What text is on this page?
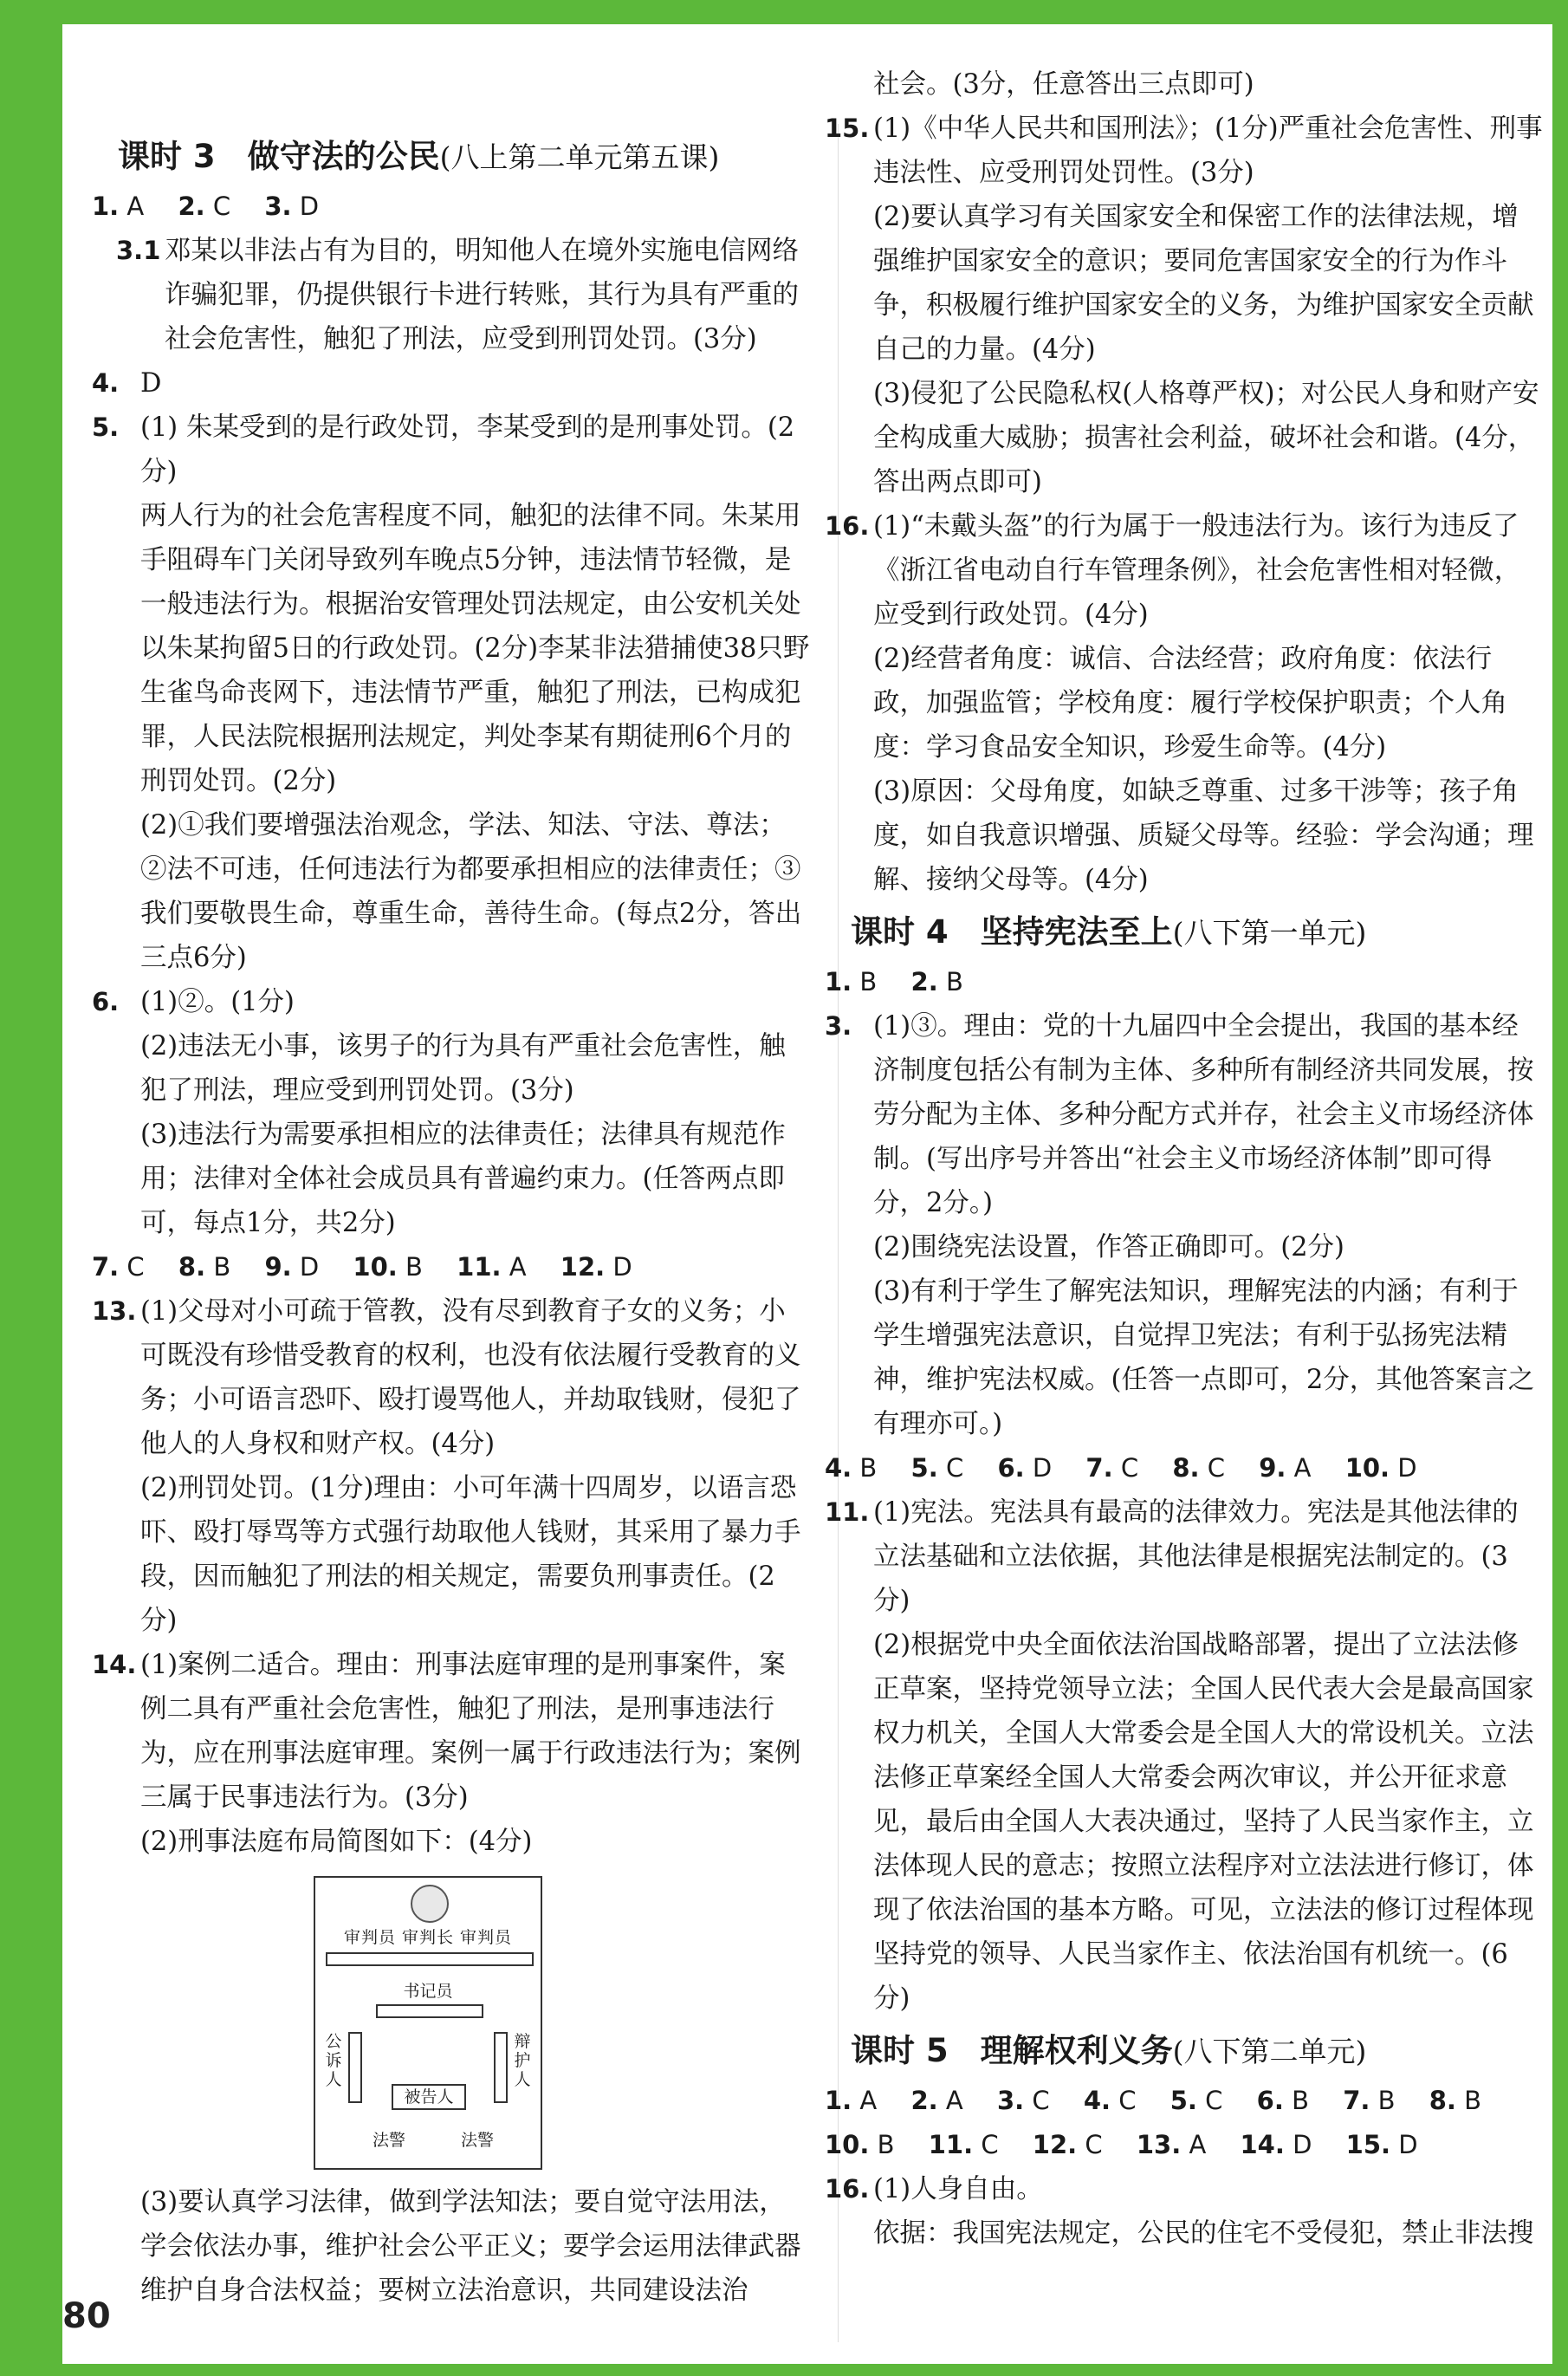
课时 3　做守法的公民(八上第二单元第五课)
1. A 2. C 3. D
3.1 邓某以非法占有为目的，明知他人在境外实施电信网络诈骗犯罪，仍提供银行卡进行转账，其行为具有严重的社会危害性，触犯了刑法，应受到刑罚处罚。(3分)

4. D

5. (1) 朱某受到的是行政处罚，李某受到的是刑事处罚。(2分)

两人行为的社会危害程度不同，触犯的法律不同。朱某用手阻碍车门关闭导致列车晚点5分钟，违法情节轻微，是一般违法行为。根据治安管理处罚法规定，由公安机关处以朱某拘留5日的行政处罚。(2分)李某非法猎捕使38只野生雀鸟命丧网下，违法情节严重，触犯了刑法，已构成犯罪，人民法院根据刑法规定，判处李某有期徒刑6个月的刑罚处罚。(2分)

(2)①我们要增强法治观念，学法、知法、守法、尊法；②法不可违，任何违法行为都要承担相应的法律责任；③我们要敬畏生命，尊重生命，善待生命。(每点2分，答出三点6分)

6. (1)②。(1分)

(2)违法无小事，该男子的行为具有严重社会危害性，触犯了刑法，理应受到刑罚处罚。(3分)

(3)违法行为需要承担相应的法律责任；法律具有规范作用；法律对全体社会成员具有普遍约束力。(任答两点即可，每点1分，共2分)

7. C 8. B 9. D 10. B 11. A 12. D
13. (1)父母对小可疏于管教，没有尽到教育子女的义务；小可既没有珍惜受教育的权利，也没有依法履行受教育的义务；小可语言恐吓、殴打谩骂他人，并劫取钱财，侵犯了他人的人身权和财产权。(4分)

(2)刑罚处罚。(1分)理由：小可年满十四周岁，以语言恐吓、殴打辱骂等方式强行劫取他人钱财，其采用了暴力手段，因而触犯了刑法的相关规定，需要负刑事责任。(2分)

14. (1)案例二适合。理由：刑事法庭审理的是刑事案件，案例二具有严重社会危害性，触犯了刑法，是刑事违法行为，应在刑事法庭审理。案例一属于行政违法行为；案例三属于民事违法行为。(3分)

(2)刑事法庭布局简图如下：(4分)

审判员 审判长 审判员
书记员
公诉人
辩护人
被告人
法警	法警

(3)要认真学习法律，做到学法知法；要自觉守法用法，学会依法办事，维护社会公平正义；要学会运用法律武器维护自身合法权益；要树立法治意识，共同建设法治

社会。(3分，任意答出三点即可)

15. (1)《中华人民共和国刑法》；(1分)严重社会危害性、刑事违法性、应受刑罚处罚性。(3分)

(2)要认真学习有关国家安全和保密工作的法律法规，增强维护国家安全的意识；要同危害国家安全的行为作斗争，积极履行维护国家安全的义务，为维护国家安全贡献自己的力量。(4分)

(3)侵犯了公民隐私权(人格尊严权)；对公民人身和财产安全构成重大威胁；损害社会利益，破坏社会和谐。(4分，答出两点即可)

16. (1)“未戴头盔”的行为属于一般违法行为。该行为违反了《浙江省电动自行车管理条例》，社会危害性相对轻微，应受到行政处罚。(4分)

(2)经营者角度：诚信、合法经营；政府角度：依法行政，加强监管；学校角度：履行学校保护职责；个人角度：学习食品安全知识，珍爱生命等。(4分)

(3)原因：父母角度，如缺乏尊重、过多干涉等；孩子角度，如自我意识增强、质疑父母等。经验：学会沟通；理解、接纳父母等。(4分)

课时 4　坚持宪法至上(八下第一单元)
1. B 2. B
3. (1)③。理由：党的十九届四中全会提出，我国的基本经济制度包括公有制为主体、多种所有制经济共同发展，按劳分配为主体、多种分配方式并存，社会主义市场经济体制。(写出序号并答出“社会主义市场经济体制”即可得分，2分。)

(2)围绕宪法设置，作答正确即可。(2分)

(3)有利于学生了解宪法知识，理解宪法的内涵；有利于学生增强宪法意识，自觉捍卫宪法；有利于弘扬宪法精神，维护宪法权威。(任答一点即可，2分，其他答案言之有理亦可。)

4. B 5. C 6. D 7. C 8. C 9. A 10. D
11. (1)宪法。宪法具有最高的法律效力。宪法是其他法律的立法基础和立法依据，其他法律是根据宪法制定的。(3分)

(2)根据党中央全面依法治国战略部署，提出了立法法修正草案，坚持党领导立法；全国人民代表大会是最高国家权力机关，全国人大常委会是全国人大的常设机关。立法法修正草案经全国人大常委会两次审议，并公开征求意见，最后由全国人大表决通过，坚持了人民当家作主，立法体现人民的意志；按照立法程序对立法法进行修订，体现了依法治国的基本方略。可见，立法法的修订过程体现坚持党的领导、人民当家作主、依法治国有机统一。(6分)

课时 5　理解权利义务(八下第二单元)
1. A 2. A 3. C 4. C 5. C 6. B 7. B 8. B
10. B 11. C 12. C 13. A 14. D 15. D
16. (1)人身自由。

依据：我国宪法规定，公民的住宅不受侵犯，禁止非法搜

80
